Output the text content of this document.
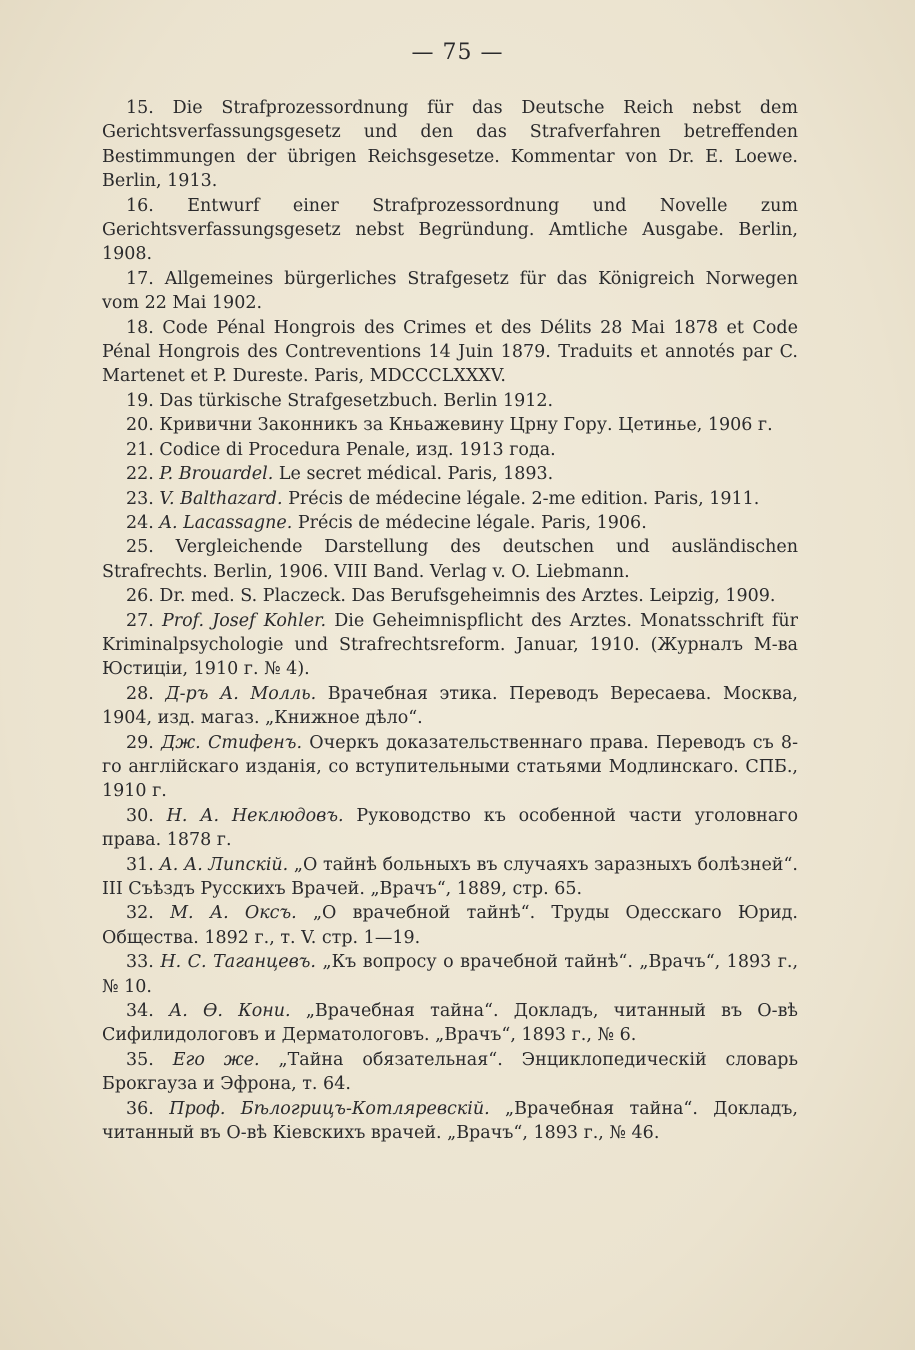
— 75 —

15. Die Strafprozessordnung für das Deutsche Reich nebst dem Gerichtsverfassungsgesetz und den das Strafverfahren betreffenden Bestimmungen der übrigen Reichsgesetze. Kommentar von Dr. E. Loewe. Berlin, 1913.

16. Entwurf einer Strafprozessordnung und Novelle zum Gerichtsverfassungsgesetz nebst Begründung. Amtliche Ausgabe. Berlin, 1908.

17. Allgemeines bürgerliches Strafgesetz für das Königreich Norwegen vom 22 Mai 1902.

18. Code Pénal Hongrois des Crimes et des Délits 28 Mai 1878 et Code Pénal Hongrois des Contreventions 14 Juin 1879. Traduits et annotés par C. Martenet et P. Dureste. Paris, MDCCCLXXXV.

19. Das türkische Strafgesetzbuch. Berlin 1912.

20. Кривични Законникъ за Кньажевину Црну Гору. Цетинье, 1906 г.

21. Codice di Procedura Penale, изд. 1913 года.

22. P. Brouardel. Le secret médical. Paris, 1893.

23. V. Balthazard. Précis de médecine légale. 2-me edition. Paris, 1911.

24. A. Lacassagne. Précis de médecine légale. Paris, 1906.

25. Vergleichende Darstellung des deutschen und ausländischen Strafrechts. Berlin, 1906. VIII Band. Verlag v. O. Liebmann.

26. Dr. med. S. Placzeck. Das Berufsgeheimnis des Arztes. Leipzig, 1909.

27. Prof. Josef Kohler. Die Geheimnispflicht des Arztes. Monatsschrift für Kriminalpsychologie und Strafrechtsreform. Januar, 1910. (Журналъ М-ва Юстиціи, 1910 г. № 4).

28. Д-ръ А. Молль. Врачебная этика. Переводъ Вересаева. Москва, 1904, изд. магаз. „Книжное дѣло“.

29. Дж. Стифенъ. Очеркъ доказательственнаго права. Переводъ съ 8-го англійскаго изданія, со вступительными статьями Модлинскаго. СПБ., 1910 г.

30. Н. А. Неклюдовъ. Руководство къ особенной части уголовнаго права. 1878 г.

31. А. А. Липскій. „О тайнѣ больныхъ въ случаяхъ заразныхъ болѣзней“. III Съѣздъ Русскихъ Врачей. „Врачъ“, 1889, стр. 65.

32. М. А. Оксъ. „О врачебной тайнѣ“. Труды Одесскаго Юрид. Общества. 1892 г., т. V. стр. 1—19.

33. Н. С. Таганцевъ. „Къ вопросу о врачебной тайнѣ“. „Врачъ“, 1893 г., № 10.

34. А. Ѳ. Кони. „Врачебная тайна“. Докладъ, читанный въ О-вѣ Сифилидологовъ и Дерматологовъ. „Врачъ“, 1893 г., № 6.

35. Его же. „Тайна обязательная“. Энциклопедическій словарь Брокгауза и Эфрона, т. 64.

36. Проф. Бѣлогрицъ-Котляревскій. „Врачебная тайна“. Докладъ, читанный въ О-вѣ Кіевскихъ врачей. „Врачъ“, 1893 г., № 46.
